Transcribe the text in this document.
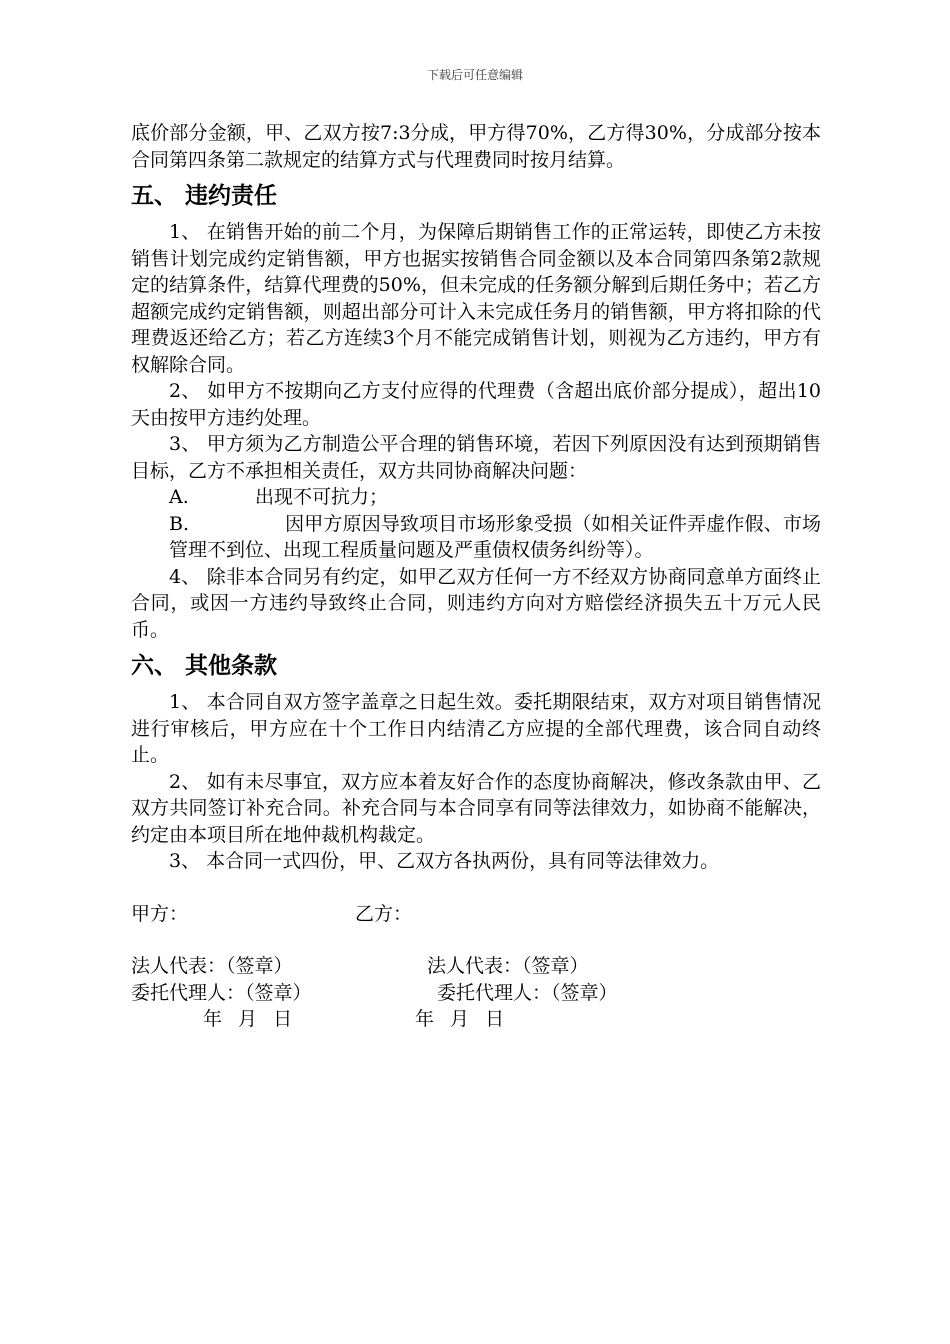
下载后可任意编辑

底价部分金额，甲、乙双方按7:3分成，甲方得70%，乙方得30%，分成部分按本合同第四条第二款规定的结算方式与代理费同时按月结算。

五、 违约责任

1、 在销售开始的前二个月，为保障后期销售工作的正常运转，即使乙方未按销售计划完成约定销售额，甲方也据实按销售合同金额以及本合同第四条第2款规定的结算条件，结算代理费的50%，但未完成的任务额分解到后期任务中；若乙方超额完成约定销售额，则超出部分可计入未完成任务月的销售额，甲方将扣除的代理费返还给乙方；若乙方连续3个月不能完成销售计划，则视为乙方违约，甲方有权解除合同。

2、 如甲方不按期向乙方支付应得的代理费（含超出底价部分提成），超出10天由按甲方违约处理。

3、 甲方须为乙方制造公平合理的销售环境，若因下列原因没有达到预期销售目标，乙方不承担相关责任，双方共同协商解决问题：

A.	出现不可抗力；

B.	因甲方原因导致项目市场形象受损（如相关证件弄虚作假、市场管理不到位、出现工程质量问题及严重债权债务纠纷等）。

4、 除非本合同另有约定，如甲乙双方任何一方不经双方协商同意单方面终止合同，或因一方违约导致终止合同，则违约方向对方赔偿经济损失五十万元人民币。

六、 其他条款

1、 本合同自双方签字盖章之日起生效。委托期限结束，双方对项目销售情况进行审核后，甲方应在十个工作日内结清乙方应提的全部代理费，该合同自动终止。

2、 如有未尽事宜，双方应本着友好合作的态度协商解决，修改条款由甲、乙双方共同签订补充合同。补充合同与本合同享有同等法律效力，如协商不能解决，约定由本项目所在地仲裁机构裁定。

3、 本合同一式四份，甲、乙双方各执两份，具有同等法律效力。

甲方：	乙方：
法人代表：（签章）	法人代表：（签章）
委托代理人：（签章）	委托代理人：（签章）
年 月 日	年 月 日
